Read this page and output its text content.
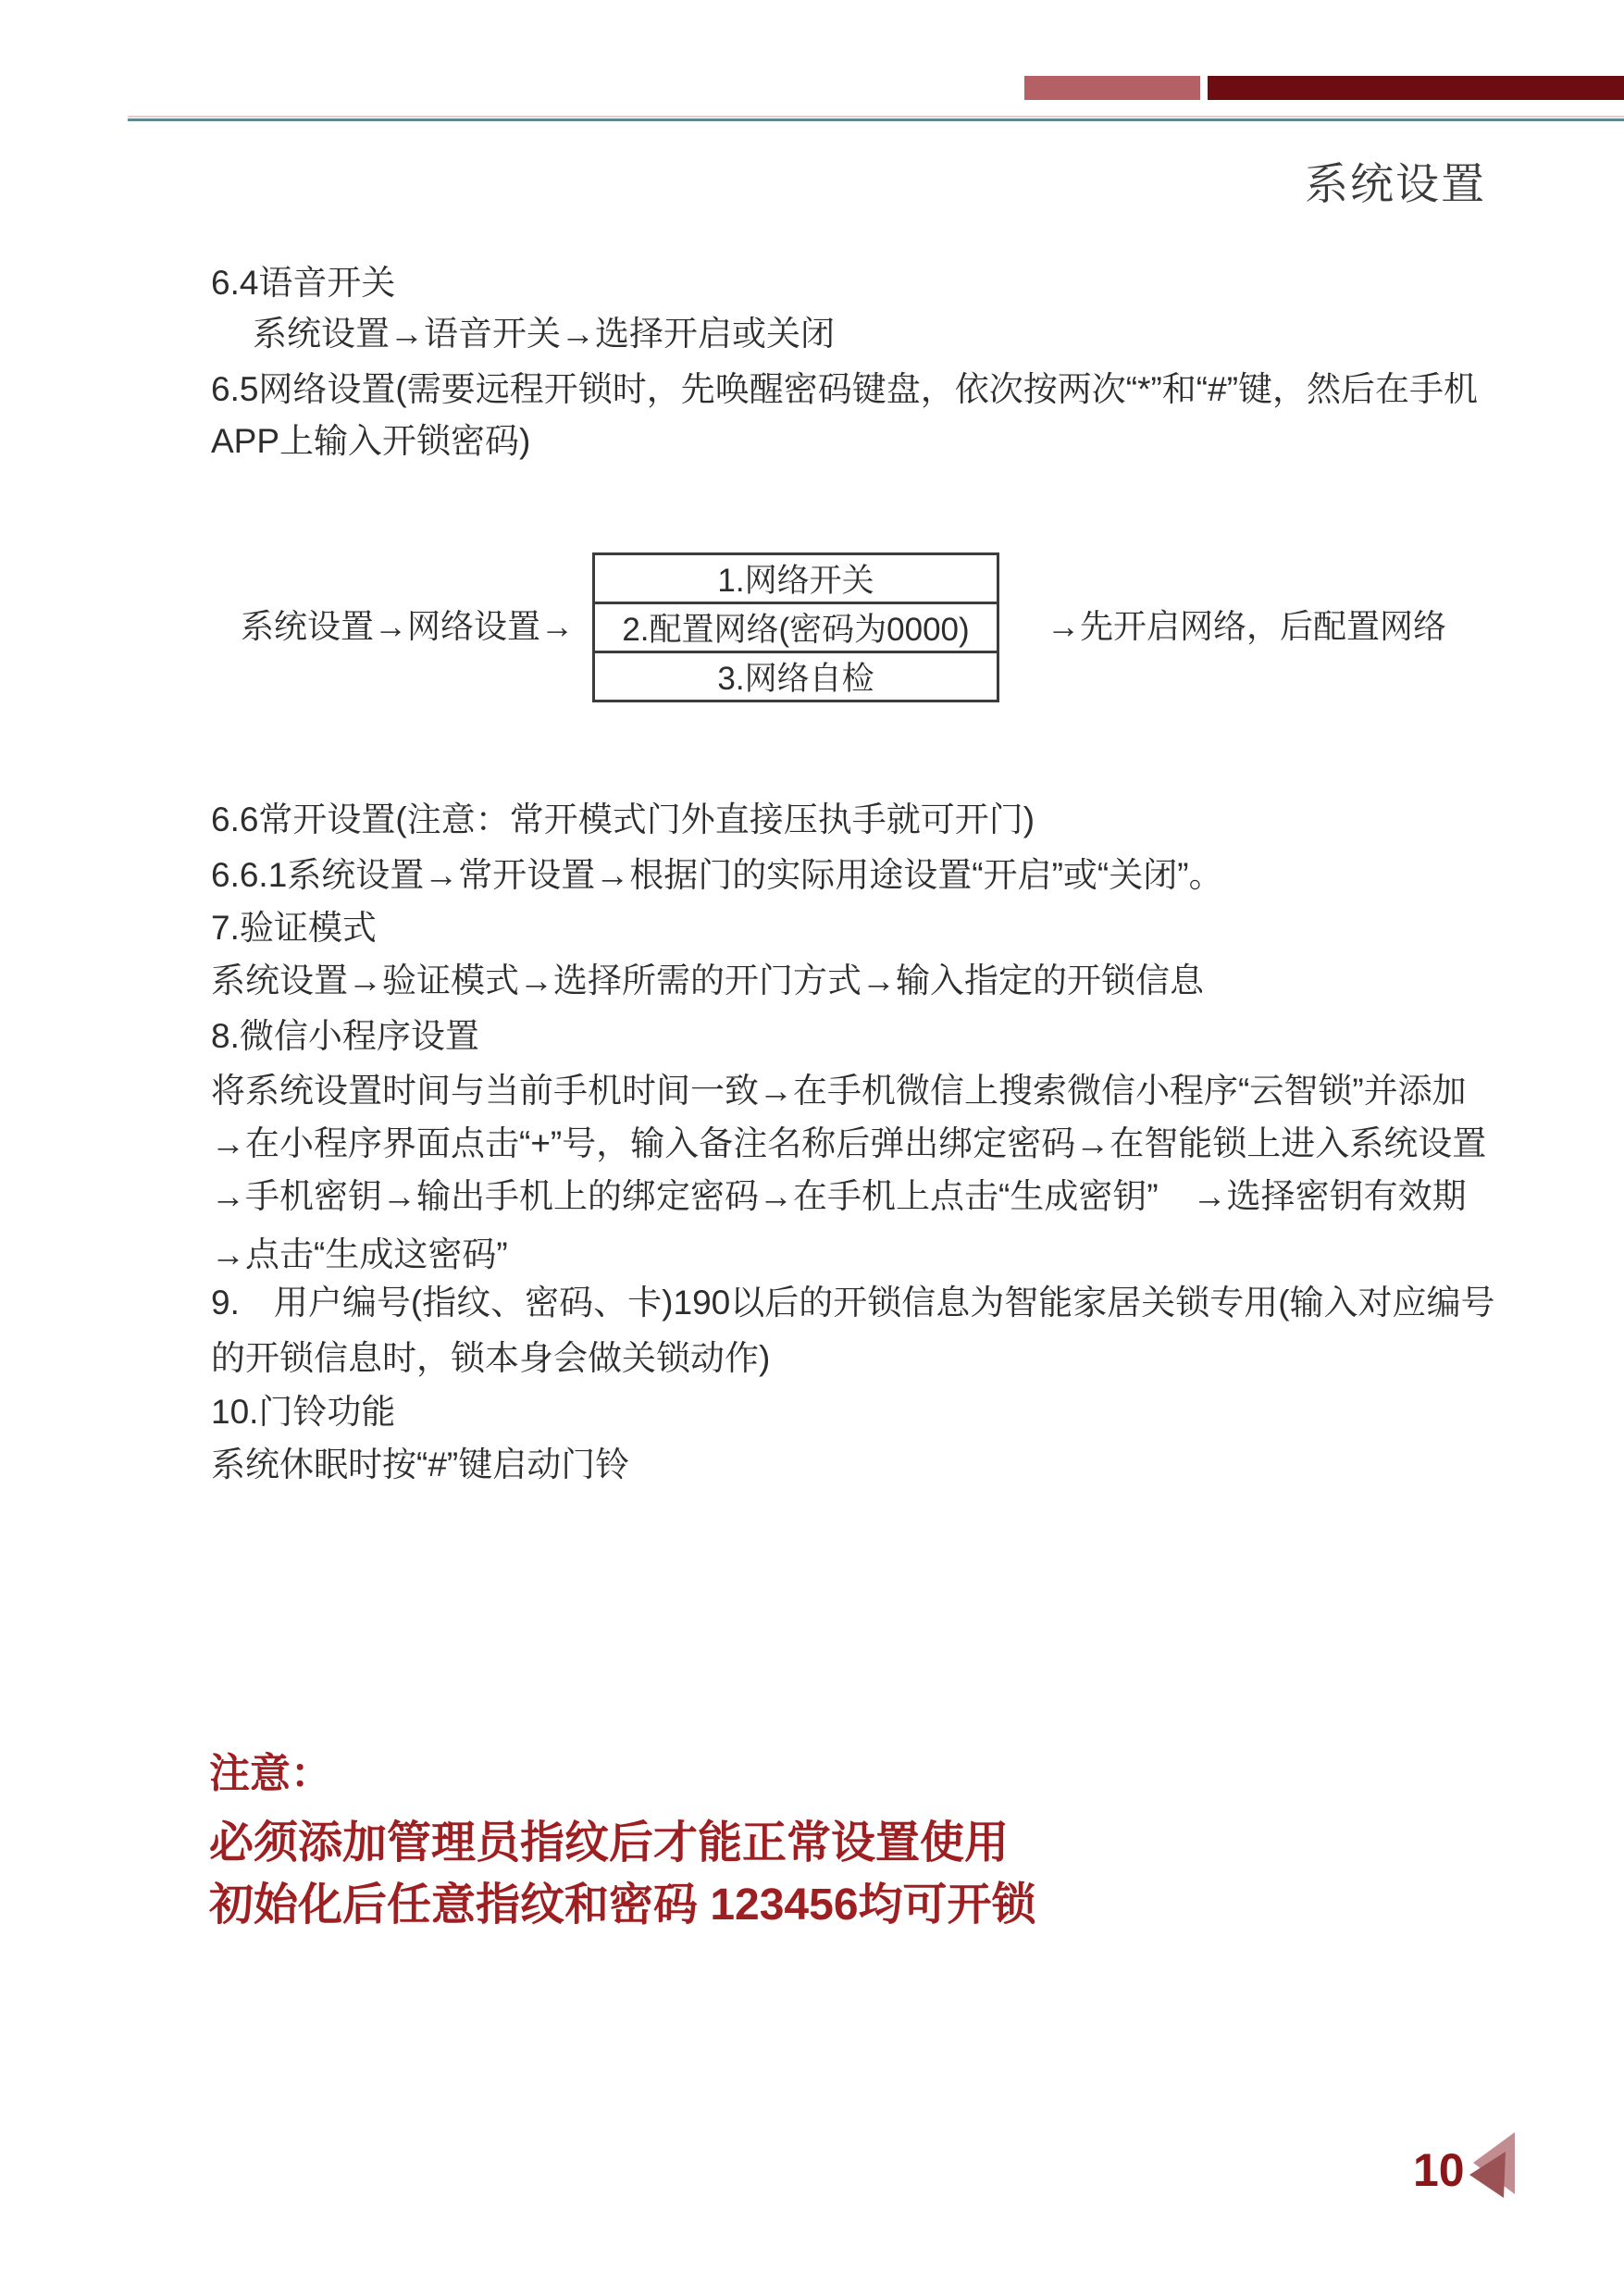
系统设置
6.4语音开关
系统设置→语音开关→选择开启或关闭
6.5网络设置(需要远程开锁时，先唤醒密码键盘，依次按两次“*”和“#”键，然后在手机
APP上输入开锁密码)
系统设置→网络设置→
1.网络开关
2.配置网络(密码为0000)
3.网络自检
→先开启网络，后配置网络
6.6常开设置(注意：常开模式门外直接压执手就可开门)
6.6.1系统设置→常开设置→根据门的实际用途设置“开启”或“关闭”。
7.验证模式
系统设置→验证模式→选择所需的开门方式→输入指定的开锁信息
8.微信小程序设置
将系统设置时间与当前手机时间一致→在手机微信上搜索微信小程序“云智锁”并添加
→在小程序界面点击“+”号，输入备注名称后弹出绑定密码→在智能锁上进入系统设置
→手机密钥→输出手机上的绑定密码→在手机上点击“生成密钥”　→选择密钥有效期
→点击“生成这密码”
9.　用户编号(指纹、密码、卡)190以后的开锁信息为智能家居关锁专用(输入对应编号
的开锁信息时，锁本身会做关锁动作)
10.门铃功能
系统休眠时按“#”键启动门铃
注意：
必须添加管理员指纹后才能正常设置使用
初始化后任意指纹和密码 123456均可开锁
10
